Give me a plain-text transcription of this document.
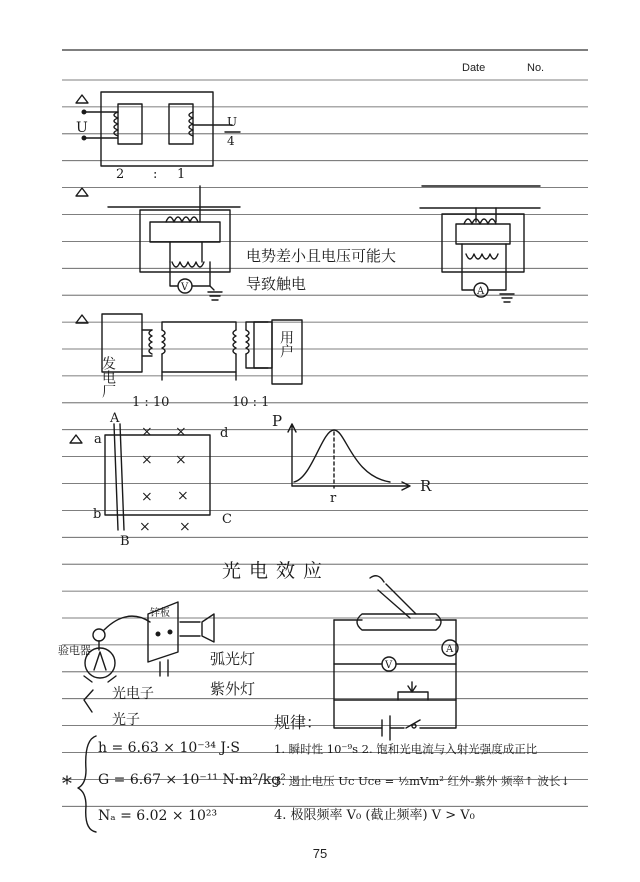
Date	No.
× ×
× ×
× ×
× ×
U	U
4
2 : 1
电势差小且电压可能大
导致触电
V	A
发电厂
用户
1 : 10	10 : 1
A
a	d
b
B
C
P
R
r
光电效应
验电器
锌板
弧光灯
紫外灯
光电子
光子
A
V
规律：
h = 6.63 × 10⁻³⁴ J·S
G = 6.67 × 10⁻¹¹ N·m²/kg²
Nₐ = 6.02 × 10²³
*
1. 瞬时性 10⁻⁹s 2. 饱和光电流与入射光强度成正比
3. 遏止电压 Uc Uce = ½mVm² 红外-紫外 频率↑ 波长↓
4. 极限频率 V₀ (截止频率) V > V₀
75
